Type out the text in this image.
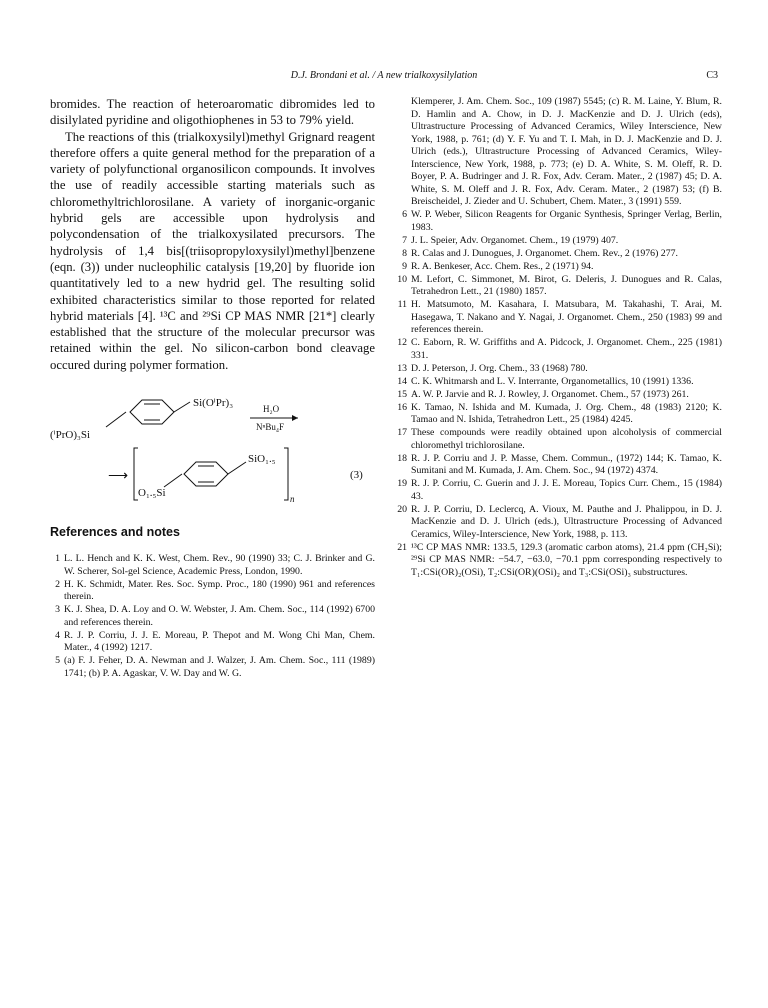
D.J. Brondani et al. / A new trialkoxysilylation	C3

bromides. The reaction of heteroaromatic dibromides led to disilylated pyridine and oligothiophenes in 53 to 79% yield.

The reactions of this (trialkoxysilyl)methyl Grignard reagent therefore offers a quite general method for the preparation of a variety of polyfunctional organosilicon compounds. It involves the use of readily accessible starting materials such as chloromethyltrichlorosilane. A variety of inorganic-organic hybrid gels are accessible upon hydrolysis and polycondensation of the trialkoxysilated precursors. The hydrolysis of 1,4 bis[(triisopropyloxysilyl)methyl]benzene (eqn. (3)) under nucleophilic catalysis [19,20] by fluoride ion quantitatively led to a new hydrid gel. The resulting solid exhibited characteristics similar to those reported for related hybrid materials [4]. ¹³C and ²⁹Si CP MAS NMR [21*] clearly established that the structure of the molecular precursor was retained within the gel. No silicon-carbon bond cleavage occured during polymer formation.

(ⁱPrO)₃Si
Si(OⁱPr)₃	H₂O
NⁿBu₄F
⟶
O₁.₅Si
SiO₁.₅
n
(3)
References and notes

1 L. L. Hench and K. K. West, Chem. Rev., 90 (1990) 33; C. J. Brinker and G. W. Scherer, Sol-gel Science, Academic Press, London, 1990.

2 H. K. Schmidt, Mater. Res. Soc. Symp. Proc., 180 (1990) 961 and references therein.

3 K. J. Shea, D. A. Loy and O. W. Webster, J. Am. Chem. Soc., 114 (1992) 6700 and references therein.

4 R. J. P. Corriu, J. J. E. Moreau, P. Thepot and M. Wong Chi Man, Chem. Mater., 4 (1992) 1217.

5 (a) F. J. Feher, D. A. Newman and J. Walzer, J. Am. Chem. Soc., 111 (1989) 1741; (b) P. A. Agaskar, V. W. Day and W. G.

Klemperer, J. Am. Chem. Soc., 109 (1987) 5545; (c) R. M. Laine, Y. Blum, R. D. Hamlin and A. Chow, in D. J. MacKenzie and D. J. Ulrich (eds), Ultrastructure Processing of Advanced Ceramics, Wiley Interscience, New York, 1988, p. 761; (d) Y. F. Yu and T. I. Mah, in D. J. MacKenzie and D. J. Ulrich (eds.), Ultrastructure Processing of Advanced Ceramics, Wiley-Interscience, New York, 1988, p. 773; (e) D. A. White, S. M. Oleff, R. D. Boyer, P. A. Budringer and J. R. Fox, Adv. Ceram. Mater., 2 (1987) 45; D. A. White, S. M. Oleff and J. R. Fox, Adv. Ceram. Mater., 2 (1987) 53; (f) B. Breischeidel, J. Zieder and U. Schubert, Chem. Mater., 3 (1991) 559.

6 W. P. Weber, Silicon Reagents for Organic Synthesis, Springer Verlag, Berlin, 1983.

7 J. L. Speier, Adv. Organomet. Chem., 19 (1979) 407.

8 R. Calas and J. Dunogues, J. Organomet. Chem. Rev., 2 (1976) 277.

9 R. A. Benkeser, Acc. Chem. Res., 2 (1971) 94.

10 M. Lefort, C. Simmonet, M. Birot, G. Deleris, J. Dunogues and R. Calas, Tetrahedron Lett., 21 (1980) 1857.

11 H. Matsumoto, M. Kasahara, I. Matsubara, M. Takahashi, T. Arai, M. Hasegawa, T. Nakano and Y. Nagai, J. Organomet. Chem., 250 (1983) 99 and references therein.

12 C. Eaborn, R. W. Griffiths and A. Pidcock, J. Organomet. Chem., 225 (1981) 331.

13 D. J. Peterson, J. Org. Chem., 33 (1968) 780.

14 C. K. Whitmarsh and L. V. Interrante, Organometallics, 10 (1991) 1336.

15 A. W. P. Jarvie and R. J. Rowley, J. Organomet. Chem., 57 (1973) 261.

16 K. Tamao, N. Ishida and M. Kumada, J. Org. Chem., 48 (1983) 2120; K. Tamao and N. Ishida, Tetrahedron Lett., 25 (1984) 4245.

17 These compounds were readily obtained upon alcoholysis of commercial chloromethyl trichlorosilane.

18 R. J. P. Corriu and J. P. Masse, Chem. Commun., (1972) 144; K. Tamao, K. Sumitani and M. Kumada, J. Am. Chem. Soc., 94 (1972) 4374.

19 R. J. P. Corriu, C. Guerin and J. J. E. Moreau, Topics Curr. Chem., 15 (1984) 43.

20 R. J. P. Corriu, D. Leclercq, A. Vioux, M. Pauthe and J. Phalippou, in D. J. MacKenzie and D. J. Ulrich (eds.), Ultrastructure Processing of Advanced Ceramics, Wiley-Interscience, New York, 1988, p. 113.

21 ¹³C CP MAS NMR: 133.5, 129.3 (aromatic carbon atoms), 21.4 ppm (CH₂Si); ²⁹Si CP MAS NMR: −54.7, −63.0, −70.1 ppm corresponding respectively to T₁:CSi(OR)₂(OSi), T₂:CSi(OR)(OSi)₂ and T₃:CSi(OSi)₃ substructures.
